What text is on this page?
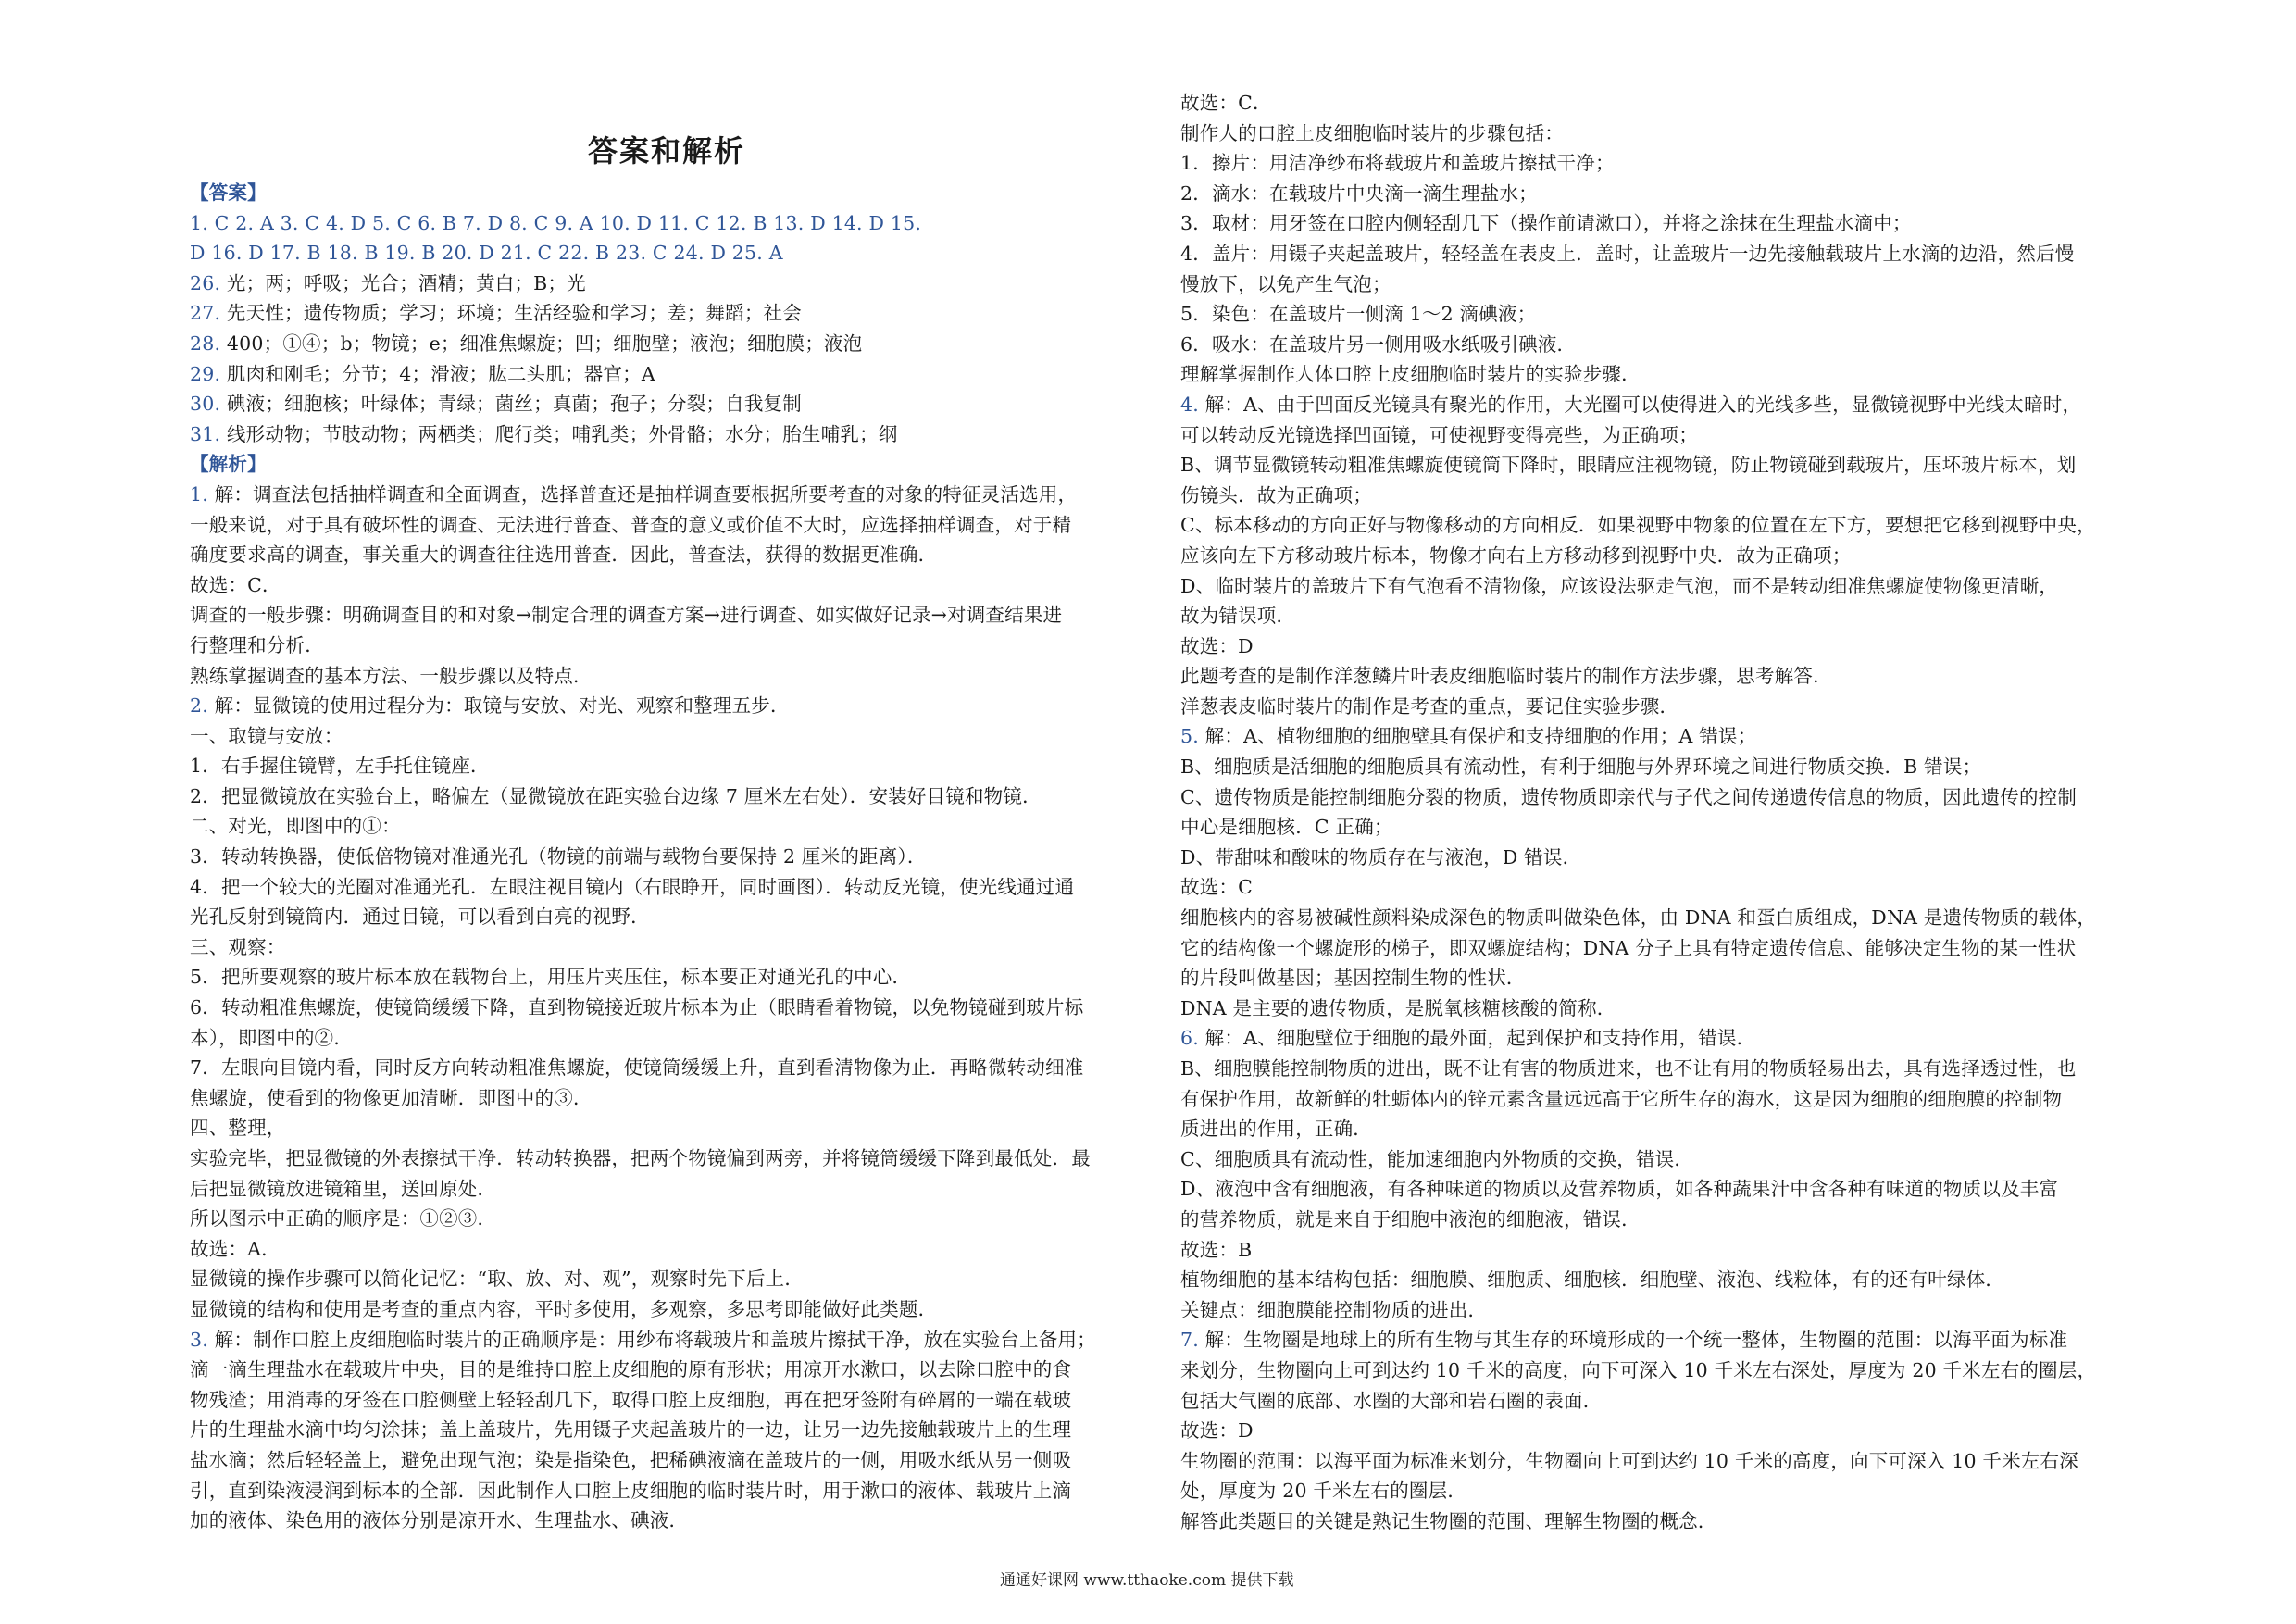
答案和解析
【答案】
1. C 2. A 3. C 4. D 5. C 6. B 7. D 8. C 9. A 10. D 11. C 12. B 13. D 14. D 15.
D 16. D 17. B 18. B 19. B 20. D 21. C 22. B 23. C 24. D 25. A
26. 光；两；呼吸；光合；酒精；黄白；B；光
27. 先天性；遗传物质；学习；环境；生活经验和学习；差；舞蹈；社会
28. 400；①④；b；物镜；e；细准焦螺旋；凹；细胞壁；液泡；细胞膜；液泡
29. 肌肉和刚毛；分节；4；滑液；肱二头肌；器官；A
30. 碘液；细胞核；叶绿体；青绿；菌丝；真菌；孢子；分裂；自我复制
31. 线形动物；节肢动物；两栖类；爬行类；哺乳类；外骨骼；水分；胎生哺乳；纲
【解析】
1. 解：调查法包括抽样调查和全面调查，选择普查还是抽样调查要根据所要考查的对象的特征灵活选用，
一般来说，对于具有破坏性的调查、无法进行普查、普查的意义或价值不大时，应选择抽样调查，对于精
确度要求高的调查，事关重大的调查往往选用普查．因此，普查法，获得的数据更准确．
故选：C．
调查的一般步骤：明确调查目的和对象→制定合理的调查方案→进行调查、如实做好记录→对调查结果进
行整理和分析．
熟练掌握调查的基本方法、一般步骤以及特点．
2. 解：显微镜的使用过程分为：取镜与安放、对光、观察和整理五步．
一、取镜与安放：
1．右手握住镜臂，左手托住镜座．
2．把显微镜放在实验台上，略偏左（显微镜放在距实验台边缘 7 厘米左右处）．安装好目镜和物镜．
二、对光，即图中的①：
3．转动转换器，使低倍物镜对准通光孔（物镜的前端与载物台要保持 2 厘米的距离）．
4．把一个较大的光圈对准通光孔．左眼注视目镜内（右眼睁开，同时画图）．转动反光镜，使光线通过通
光孔反射到镜筒内．通过目镜，可以看到白亮的视野．
三、观察：
5．把所要观察的玻片标本放在载物台上，用压片夹压住，标本要正对通光孔的中心．
6．转动粗准焦螺旋，使镜筒缓缓下降，直到物镜接近玻片标本为止（眼睛看着物镜，以免物镜碰到玻片标
本），即图中的②．
7．左眼向目镜内看，同时反方向转动粗准焦螺旋，使镜筒缓缓上升，直到看清物像为止．再略微转动细准
焦螺旋，使看到的物像更加清晰．即图中的③．
四、整理，
实验完毕，把显微镜的外表擦拭干净．转动转换器，把两个物镜偏到两旁，并将镜筒缓缓下降到最低处．最
后把显微镜放进镜箱里，送回原处．
所以图示中正确的顺序是：①②③．
故选：A．
显微镜的操作步骤可以简化记忆：“取、放、对、观”，观察时先下后上．
显微镜的结构和使用是考查的重点内容，平时多使用，多观察，多思考即能做好此类题．
3. 解：制作口腔上皮细胞临时装片的正确顺序是：用纱布将载玻片和盖玻片擦拭干净，放在实验台上备用；
滴一滴生理盐水在载玻片中央，目的是维持口腔上皮细胞的原有形状；用凉开水漱口，以去除口腔中的食
物残渣；用消毒的牙签在口腔侧壁上轻轻刮几下，取得口腔上皮细胞，再在把牙签附有碎屑的一端在载玻
片的生理盐水滴中均匀涂抹；盖上盖玻片，先用镊子夹起盖玻片的一边，让另一边先接触载玻片上的生理
盐水滴；然后轻轻盖上，避免出现气泡；染是指染色，把稀碘液滴在盖玻片的一侧，用吸水纸从另一侧吸
引，直到染液浸润到标本的全部．因此制作人口腔上皮细胞的临时装片时，用于漱口的液体、载玻片上滴
加的液体、染色用的液体分别是凉开水、生理盐水、碘液．
故选：C．
制作人的口腔上皮细胞临时装片的步骤包括：
1．擦片：用洁净纱布将载玻片和盖玻片擦拭干净；
2．滴水：在载玻片中央滴一滴生理盐水；
3．取材：用牙签在口腔内侧轻刮几下（操作前请漱口），并将之涂抹在生理盐水滴中；
4．盖片：用镊子夹起盖玻片，轻轻盖在表皮上．盖时，让盖玻片一边先接触载玻片上水滴的边沿，然后慢
慢放下，以免产生气泡；
5．染色：在盖玻片一侧滴 1～2 滴碘液；
6．吸水：在盖玻片另一侧用吸水纸吸引碘液．
理解掌握制作人体口腔上皮细胞临时装片的实验步骤．
4. 解：A、由于凹面反光镜具有聚光的作用，大光圈可以使得进入的光线多些，显微镜视野中光线太暗时，
可以转动反光镜选择凹面镜，可使视野变得亮些，为正确项；
B、调节显微镜转动粗准焦螺旋使镜筒下降时，眼睛应注视物镜，防止物镜碰到载玻片，压坏玻片标本，划
伤镜头．故为正确项；
C、标本移动的方向正好与物像移动的方向相反．如果视野中物象的位置在左下方，要想把它移到视野中央，
应该向左下方移动玻片标本，物像才向右上方移动移到视野中央．故为正确项；
D、临时装片的盖玻片下有气泡看不清物像，应该设法驱走气泡，而不是转动细准焦螺旋使物像更清晰，
故为错误项．
故选：D
此题考查的是制作洋葱鳞片叶表皮细胞临时装片的制作方法步骤，思考解答．
洋葱表皮临时装片的制作是考查的重点，要记住实验步骤．
5. 解：A、植物细胞的细胞壁具有保护和支持细胞的作用；A 错误；
B、细胞质是活细胞的细胞质具有流动性，有利于细胞与外界环境之间进行物质交换．B 错误；
C、遗传物质是能控制细胞分裂的物质，遗传物质即亲代与子代之间传递遗传信息的物质，因此遗传的控制
中心是细胞核．C 正确；
D、带甜味和酸味的物质存在与液泡，D 错误．
故选：C
细胞核内的容易被碱性颜料染成深色的物质叫做染色体，由 DNA 和蛋白质组成，DNA 是遗传物质的载体，
它的结构像一个螺旋形的梯子，即双螺旋结构；DNA 分子上具有特定遗传信息、能够决定生物的某一性状
的片段叫做基因；基因控制生物的性状．
DNA 是主要的遗传物质，是脱氧核糖核酸的简称．
6. 解：A、细胞壁位于细胞的最外面，起到保护和支持作用，错误．
B、细胞膜能控制物质的进出，既不让有害的物质进来，也不让有用的物质轻易出去，具有选择透过性，也
有保护作用，故新鲜的牡蛎体内的锌元素含量远远高于它所生存的海水，这是因为细胞的细胞膜的控制物
质进出的作用，正确．
C、细胞质具有流动性，能加速细胞内外物质的交换，错误．
D、液泡中含有细胞液，有各种味道的物质以及营养物质，如各种蔬果汁中含各种有味道的物质以及丰富
的营养物质，就是来自于细胞中液泡的细胞液，错误．
故选：B
植物细胞的基本结构包括：细胞膜、细胞质、细胞核．细胞壁、液泡、线粒体，有的还有叶绿体．
关键点：细胞膜能控制物质的进出．
7. 解：生物圈是地球上的所有生物与其生存的环境形成的一个统一整体，生物圈的范围：以海平面为标准
来划分，生物圈向上可到达约 10 千米的高度，向下可深入 10 千米左右深处，厚度为 20 千米左右的圈层，
包括大气圈的底部、水圈的大部和岩石圈的表面．
故选：D
生物圈的范围：以海平面为标准来划分，生物圈向上可到达约 10 千米的高度，向下可深入 10 千米左右深
处，厚度为 20 千米左右的圈层．
解答此类题目的关键是熟记生物圈的范围、理解生物圈的概念．
通通好课网 www.tthaoke.com 提供下载
